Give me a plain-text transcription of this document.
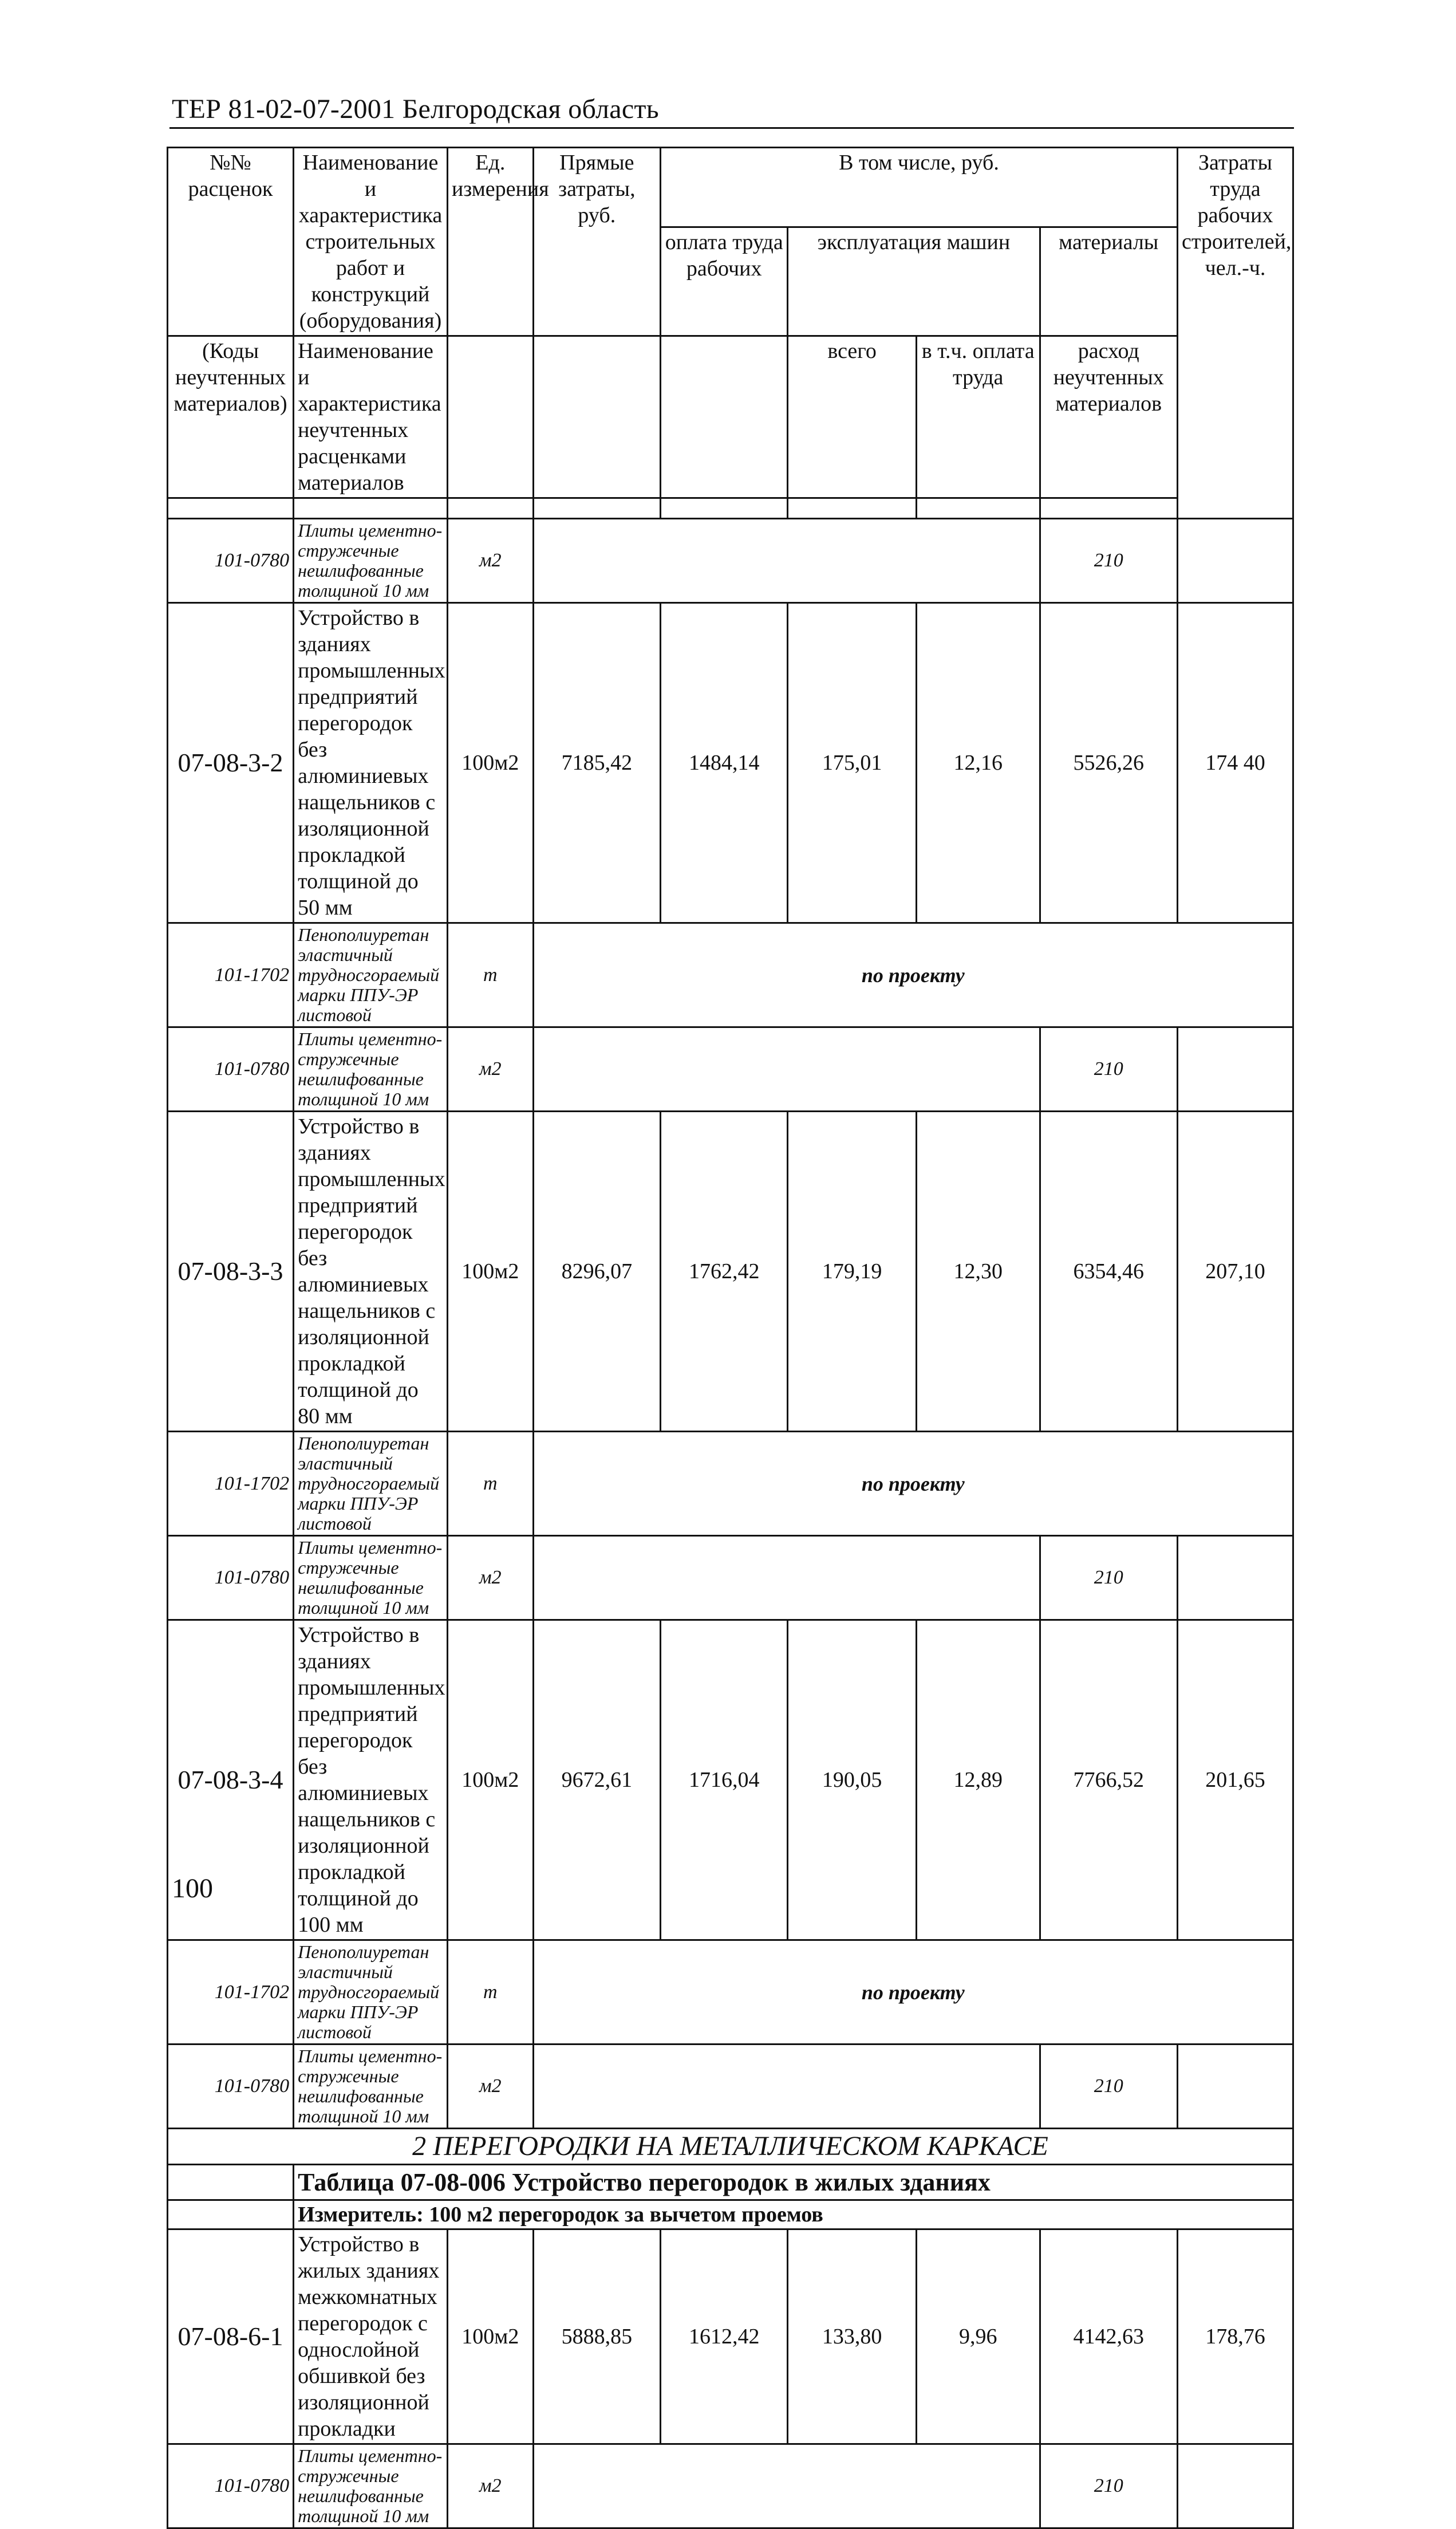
ТЕР 81-02-07-2001 Белгородская область
№№ расценок	Наименование и характеристика строительных работ и конструкций (оборудования)	Ед. измерения	Прямые затраты, руб.	В том числе, руб.				Затраты труда рабочих строителей, чел.-ч.
				оплата труда рабочих	эксплуатация машин		материалы	
(Коды неучтенных материалов)	Наименование и характеристика неучтенных расценками материалов				всего	в т.ч. оплата труда	расход неучтенных материалов	

101-0780	Плиты цементно-стружечные нешлифованные толщиной 10 мм	м2					210	
07-08-3-2	Устройство в зданиях промышленных предприятий перегородок без алюминиевых нащельников с изоляционной прокладкой толщиной до 50 мм	100м2	7185,42	1484,14	175,01	12,16	5526,26	174 40
101-1702	Пенополиуретан эластичный трудносгораемый марки ППУ-ЭР листовой	т	по проекту					
101-0780	Плиты цементно-стружечные нешлифованные толщиной 10 мм	м2					210	
07-08-3-3	Устройство в зданиях промышленных предприятий перегородок без алюминиевых нащельников с изоляционной прокладкой толщиной до 80 мм	100м2	8296,07	1762,42	179,19	12,30	6354,46	207,10
101-1702	Пенополиуретан эластичный трудносгораемый марки ППУ-ЭР листовой	т	по проекту					
101-0780	Плиты цементно-стружечные нешлифованные толщиной 10 мм	м2					210	
07-08-3-4	Устройство в зданиях промышленных предприятий перегородок без алюминиевых нащельников с изоляционной прокладкой толщиной до 100 мм	100м2	9672,61	1716,04	190,05	12,89	7766,52	201,65
101-1702	Пенополиуретан эластичный трудносгораемый марки ППУ-ЭР листовой	т	по проекту					
101-0780	Плиты цементно-стружечные нешлифованные толщиной 10 мм	м2					210	
2 ПЕРЕГОРОДКИ НА МЕТАЛЛИЧЕСКОМ КАРКАСЕ								
	Таблица 07-08-006 Устройство перегородок в жилых зданиях							
	Измеритель: 100 м2 перегородок за вычетом проемов							
07-08-6-1	Устройство в жилых зданиях межкомнатных перегородок с однослойной обшивкой без изоляционной прокладки	100м2	5888,85	1612,42	133,80	9,96	4142,63	178,76
101-0780	Плиты цементно-стружечные нешлифованные толщиной 10 мм	м2					210	
100
